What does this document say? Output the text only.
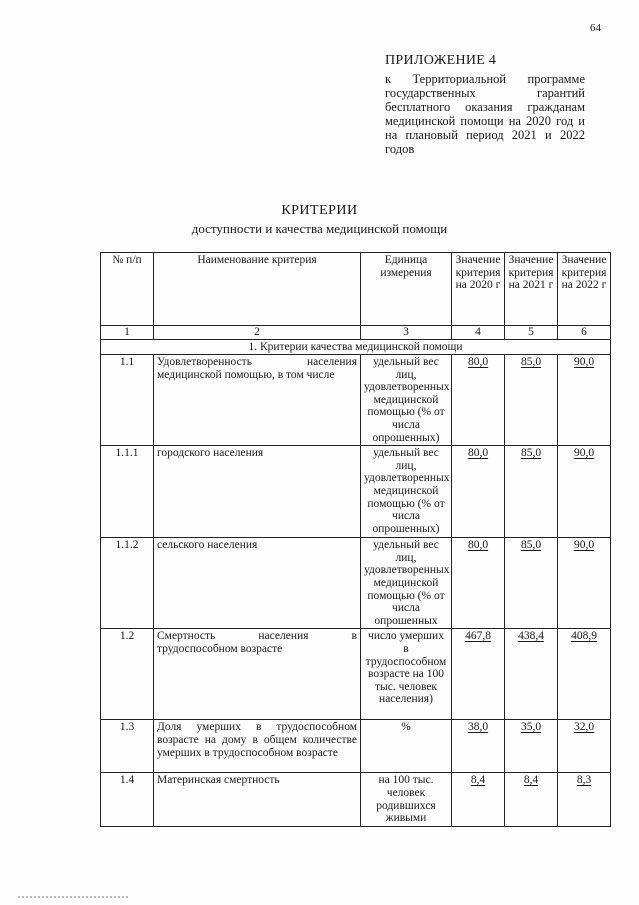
64
ПРИЛОЖЕНИЕ 4
к Территориальной программе государственных гарантий бесплатного оказания гражданам медицинской помощи на 2020 год и на плановый период 2021 и 2022 годов
КРИТЕРИИ
доступности и качества медицинской помощи
№ п/п	Наименование критерия	Единица измерения	Значение критерия на 2020 г	Значение критерия на 2021 г	Значение критерия на 2022 г
1	2	3	4	5	6
1. Критерии качества медицинской помощи					
1.1	Удовлетворенность населения медицинской помощью, в том числе	удельный вес лиц, удовлетворенных медицинской помощью (% от числа опрошенных)	80,0	85,0	90,0
1.1.1	городского населения	удельный вес лиц, удовлетворенных медицинской помощью (% от числа опрошенных)	80,0	85,0	90,0
1.1.2	сельского населения	удельный вес лиц, удовлетворенных медицинской помощью (% от числа опрошенных	80,0	85,0	90,0
1.2	Смертность населения в трудоспособном возрасте	число умерших в трудоспособном возрасте на 100 тыс. человек населения)	467,8	438,4	408,9
1.3	Доля умерших в трудоспособном возрасте на дому в общем количестве умерших в трудоспособном возрасте	%	38,0	35,0	32,0
1.4	Материнская смертность	на 100 тыс. человек родившихся живыми	8,4	8,4	8,3
